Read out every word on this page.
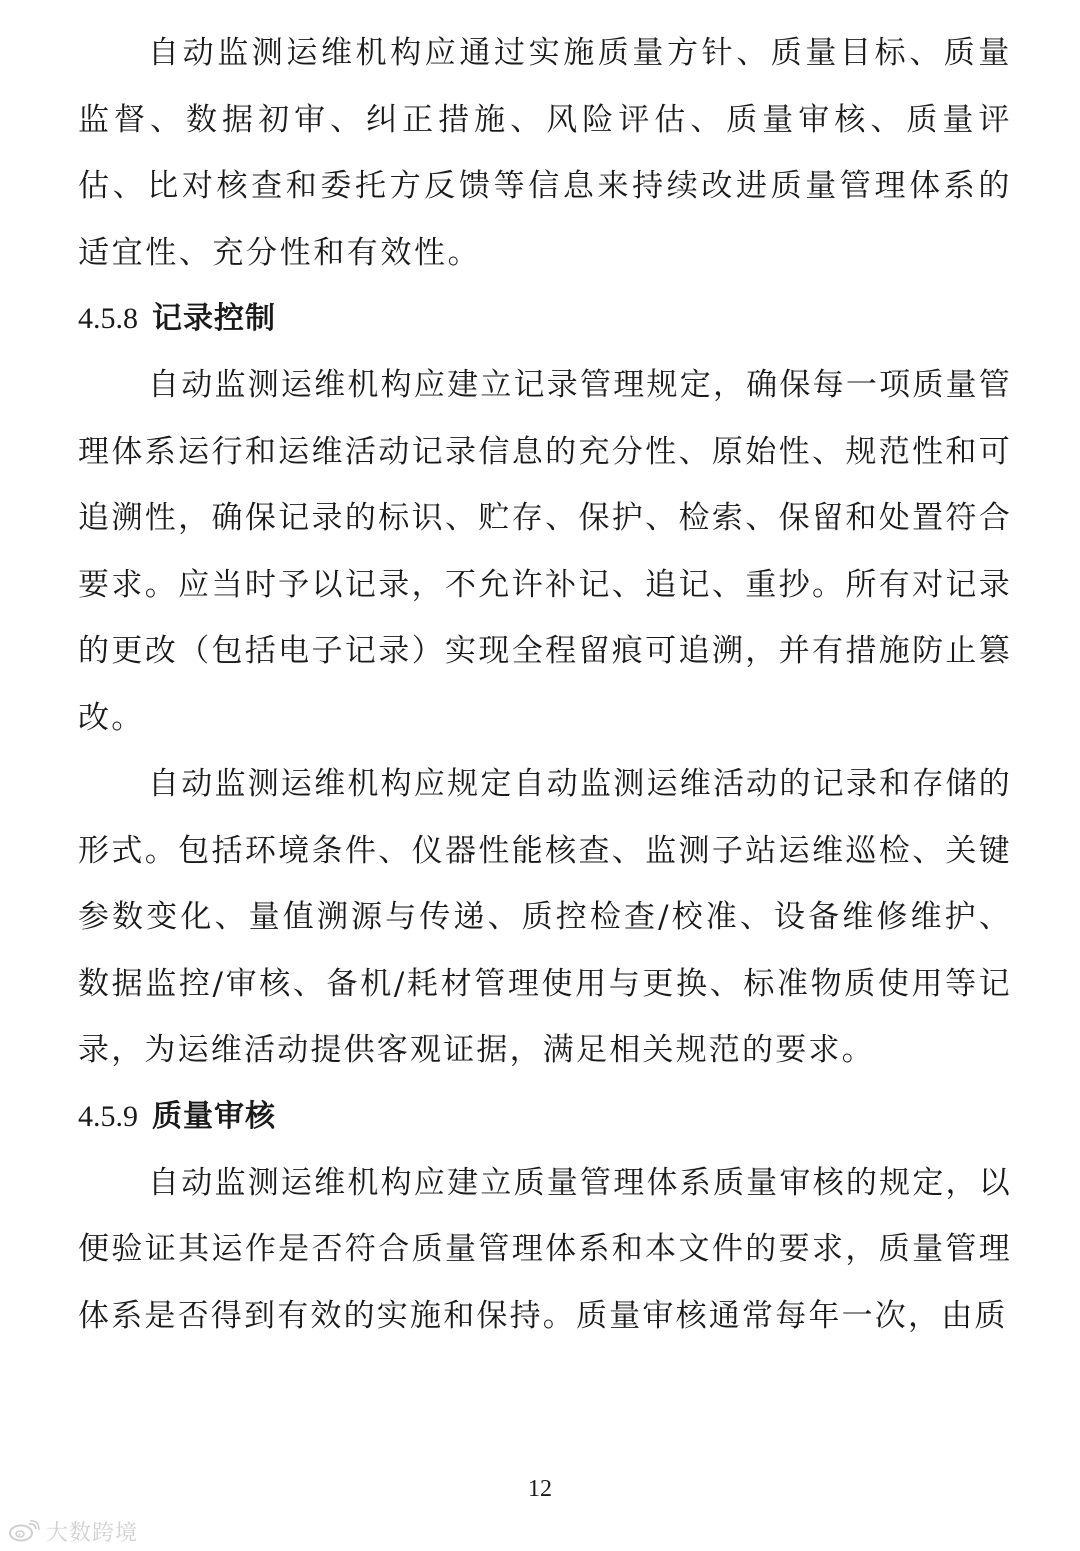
自动监测运维机构应通过实施质量方针、质量目标、质量监督、数据初审、纠正措施、风险评估、质量审核、质量评估、比对核查和委托方反馈等信息来持续改进质量管理体系的适宜性、充分性和有效性。

4.5.8 记录控制

自动监测运维机构应建立记录管理规定，确保每一项质量管理体系运行和运维活动记录信息的充分性、原始性、规范性和可追溯性，确保记录的标识、贮存、保护、检索、保留和处置符合要求。应当时予以记录，不允许补记、追记、重抄。所有对记录的更改（包括电子记录）实现全程留痕可追溯，并有措施防止篡改。

自动监测运维机构应规定自动监测运维活动的记录和存储的形式。包括环境条件、仪器性能核查、监测子站运维巡检、关键参数变化、量值溯源与传递、质控检查/校准、设备维修维护、数据监控/审核、备机/耗材管理使用与更换、标准物质使用等记录，为运维活动提供客观证据，满足相关规范的要求。

4.5.9 质量审核

自动监测运维机构应建立质量管理体系质量审核的规定，以便验证其运作是否符合质量管理体系和本文件的要求，质量管理体系是否得到有效的实施和保持。质量审核通常每年一次，由质

12
大数跨境
